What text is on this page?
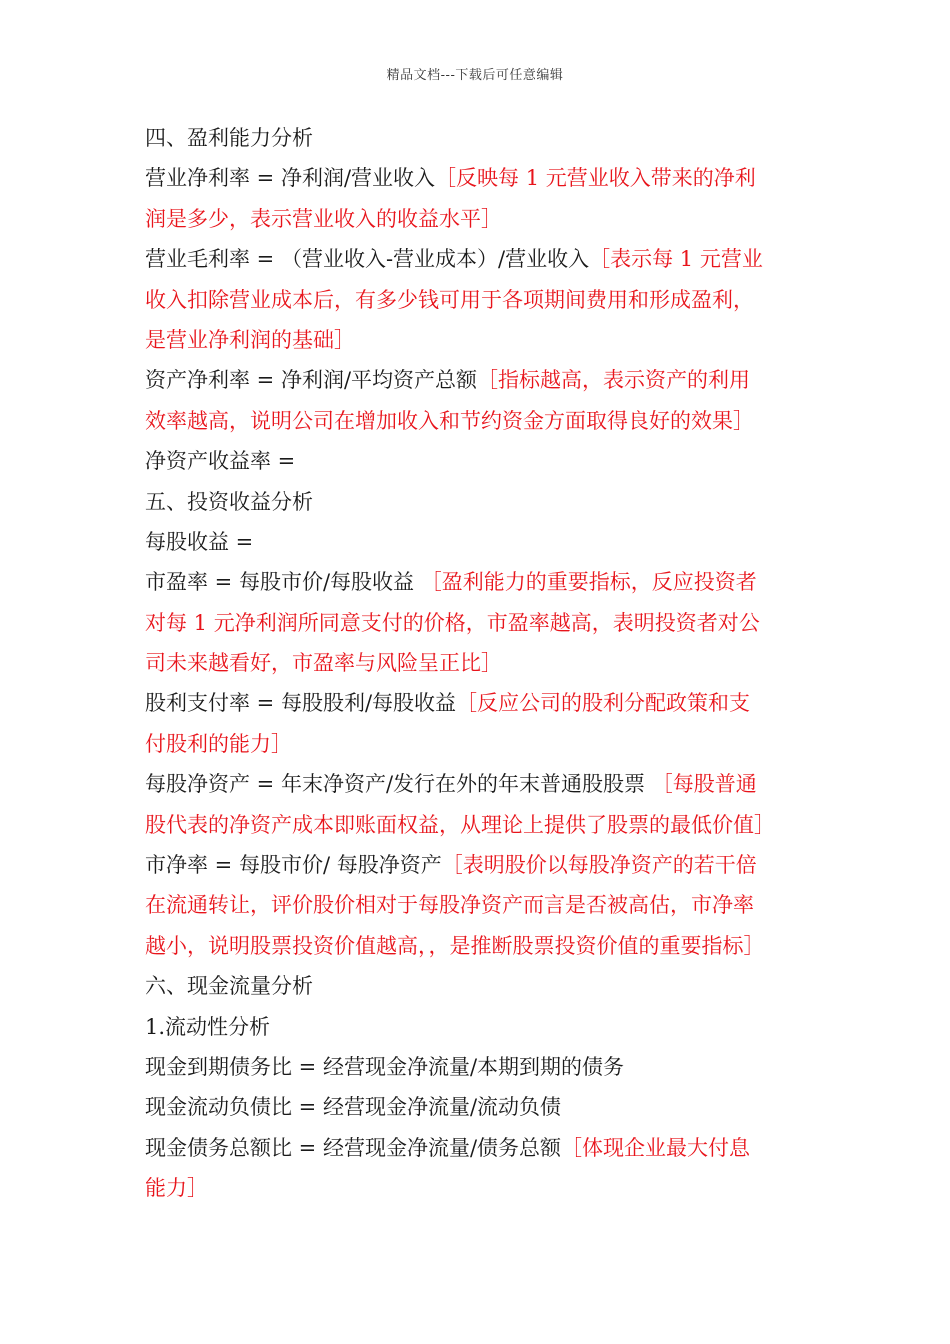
精品文档---下载后可任意编辑
四、盈利能力分析
营业净利率 = 净利润/营业收入［反映每 1 元营业收入带来的净利
润是多少，表示营业收入的收益水平］
营业毛利率 = （营业收入-营业成本）/营业收入［表示每 1 元营业
收入扣除营业成本后，有多少钱可用于各项期间费用和形成盈利，
是营业净利润的基础］
资产净利率 = 净利润/平均资产总额［指标越高，表示资产的利用
效率越高，说明公司在增加收入和节约资金方面取得良好的效果］
净资产收益率 =
五、投资收益分析
每股收益 =
市盈率 = 每股市价/每股收益 ［盈利能力的重要指标，反应投资者
对每 1 元净利润所同意支付的价格，市盈率越高，表明投资者对公
司未来越看好，市盈率与风险呈正比］
股利支付率 = 每股股利/每股收益［反应公司的股利分配政策和支
付股利的能力］
每股净资产 = 年末净资产/发行在外的年末普通股股票 ［每股普通
股代表的净资产成本即账面权益，从理论上提供了股票的最低价值］
市净率 = 每股市价/ 每股净资产［表明股价以每股净资产的若干倍
在流通转让，评价股价相对于每股净资产而言是否被高估，市净率
越小，说明股票投资价值越高，，是推断股票投资价值的重要指标］
六、现金流量分析
1.流动性分析
现金到期债务比 = 经营现金净流量/本期到期的债务
现金流动负债比 = 经营现金净流量/流动负债
现金债务总额比 = 经营现金净流量/债务总额［体现企业最大付息
能力］
